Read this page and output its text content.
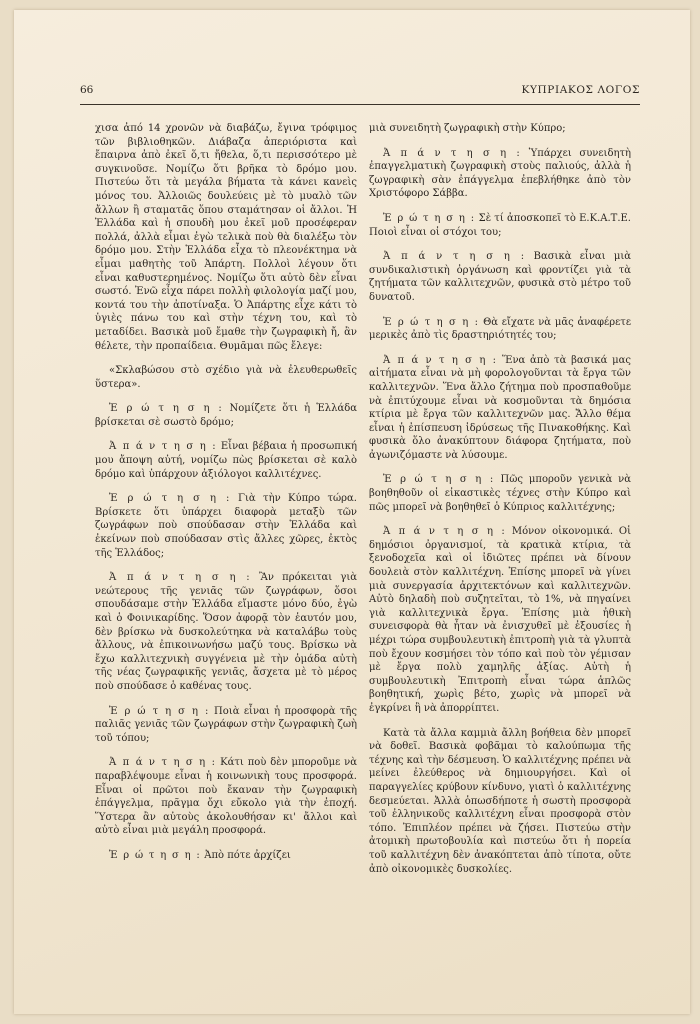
66	ΚΥΠΡΙΑΚΟΣ ΛΟΓΟΣ

χισα ἀπό 14 χρονῶν νὰ διαβάζω, ἔγινα τρόφιμος τῶν βιβλιοθηκῶν. Διάβαζα ἀπεριόριστα καὶ ἔπαιρνα ἀπὸ ἐκεῖ ὅ,τι ἤθελα, ὅ,τι περισσότερο μὲ συγκινοῦσε. Νομίζω ὅτι βρῆκα τὸ δρόμο μου. Πιστεύω ὅτι τὰ μεγάλα βήματα τὰ κάνει κανεὶς μόνος του. Ἀλλοιῶς δουλεύεις μὲ τὸ μυαλὸ τῶν ἄλλων ἢ σταματᾶς ὅπου σταμάτησαν οἱ ἄλλοι. Ἡ Ἑλλάδα καὶ ἡ σπουδὴ μου ἐκεῖ μοῦ προσέφεραν πολλά, ἀλλὰ εἶμαι ἐγὼ τελικὰ ποὺ θὰ διαλέξω τὸν δρόμο μου. Στὴν Ἑλλάδα εἶχα τὸ πλεονέκτημα νὰ εἶμαι μαθητὴς τοῦ Ἀπάρτη. Πολλοὶ λέγουν ὅτι εἶναι καθυστερημένος. Νομίζω ὅτι αὐτὸ δὲν εἶναι σωστό. Ἐνῶ εἶχα πάρει πολλὴ φιλολογία μαζί μου, κοντά του τὴν ἀποτίναξα. Ὁ Ἀπάρτης εἶχε κάτι τὸ ὑγιὲς πάνω του καὶ στὴν τέχνη του, καὶ τὸ μεταδίδει. Βασικὰ μοῦ ἔμαθε τὴν ζωγραφικὴ ἤ, ἂν θέλετε, τὴν προπαίδεια. Θυμᾶμαι πῶς ἔλεγε:

«Σκλαβώσου στὸ σχέδιο γιὰ νὰ ἐλευθερωθεῖς ὕστερα».

Ἐ ρ ώ τ η σ η : Νομίζετε ὅτι ἡ Ἑλλάδα βρίσκεται σὲ σωστὸ δρόμο;

Ἀ π ά ν τ η σ η : Εἶναι βέβαια ἡ προσωπική μου ἄποψη αὐτή, νομίζω πὼς βρίσκεται σὲ καλὸ δρόμο καὶ ὑπάρχουν ἀξιόλογοι καλλιτέχνες.

Ἐ ρ ώ τ η σ η : Γιὰ τὴν Κύπρο τώρα. Βρίσκετε ὅτι ὑπάρχει διαφορὰ μεταξὺ τῶν ζωγράφων ποὺ σπούδασαν στὴν Ἑλλάδα καὶ ἐκείνων ποὺ σπούδασαν στὶς ἄλλες χῶρες, ἐκτὸς τῆς Ἑλλάδος;

Ἀ π ά ν τ η σ η : Ἂν πρόκειται γιὰ νεώτερους τῆς γενιᾶς τῶν ζωγράφων, ὅσοι σπουδάσαμε στὴν Ἑλλάδα εἴμαστε μόνο δύο, ἐγὼ καὶ ὁ Φοινικαρίδης. Ὅσον ἀφορᾷ τὸν ἑαυτόν μου, δὲν βρίσκω νὰ δυσκολεύτηκα νὰ καταλάβω τοὺς ἄλλους, νὰ ἐπικοινωνήσω μαζύ τους. Βρίσκω νὰ ἔχω καλλιτεχνικὴ συγγένεια μὲ τὴν ὁμάδα αὐτὴ τῆς νέας ζωγραφικῆς γενιᾶς, ἄσχετα μὲ τὸ μέρος ποὺ σπούδασε ὁ καθένας τους.

Ἐ ρ ώ τ η σ η : Ποιὰ εἶναι ἡ προσφορὰ τῆς παλιᾶς γενιᾶς τῶν ζωγράφων στὴν ζωγραφικὴ ζωὴ τοῦ τόπου;

Ἀ π ά ν τ η σ η : Κάτι ποὺ δὲν μποροῦμε νὰ παραβλέψουμε εἶναι ἡ κοινωνικὴ τους προσφορά. Εἶναι οἱ πρῶτοι ποὺ ἔκαναν τὴν ζωγραφικὴ ἐπάγγελμα, πρᾶγμα ὄχι εὔκολο γιὰ τὴν ἐποχή. Ὕστερα ἂν αὐτοὺς ἀκολουθήσαν κι' ἄλλοι καὶ αὐτὸ εἶναι μιὰ μεγάλη προσφορά.

Ἐ ρ ώ τ η σ η : Ἀπὸ πότε ἀρχίζει

μιὰ συνειδητὴ ζωγραφικὴ στὴν Κύπρο;

Ἀ π ά ν τ η σ η : Ὑπάρχει συνειδητὴ ἐπαγγελματικὴ ζωγραφικὴ στοὺς παλιούς, ἀλλὰ ἡ ζωγραφικὴ σὰν ἐπάγγελμα ἐπεβλήθηκε ἀπὸ τὸν Χριστόφορο Σάββα.

Ἐ ρ ώ τ η σ η : Σὲ τί ἀποσκοπεῖ τὸ Ε.Κ.Α.Τ.Ε. Ποιοὶ εἶναι οἱ στόχοι του;

Ἀ π ά ν τ η σ η : Βασικὰ εἶναι μιὰ συνδικαλιστικὴ ὀργάνωση καὶ φροντίζει γιὰ τὰ ζητήματα τῶν καλλιτεχνῶν, φυσικὰ στὸ μέτρο τοῦ δυνατοῦ.

Ἐ ρ ώ τ η σ η : Θὰ εἴχατε νὰ μᾶς ἀναφέρετε μερικὲς ἀπὸ τὶς δραστηριότητές του;

Ἀ π ά ν τ η σ η : Ἕνα ἀπὸ τὰ βασικά μας αἰτήματα εἶναι νὰ μὴ φορολογοῦνται τὰ ἔργα τῶν καλλιτεχνῶν. Ἕνα ἄλλο ζήτημα ποὺ προσπαθοῦμε νὰ ἐπιτύχουμε εἶναι νὰ κοσμοῦνται τὰ δημόσια κτίρια μὲ ἔργα τῶν καλλιτεχνῶν μας. Ἄλλο θέμα εἶναι ἡ ἐπίσπευση ἱδρύσεως τῆς Πινακοθήκης. Καὶ φυσικὰ ὅλο ἀνακύπτουν διάφορα ζητήματα, ποὺ ἀγωνιζόμαστε νὰ λύσουμε.

Ἐ ρ ώ τ η σ η : Πῶς μποροῦν γενικὰ νὰ βοηθηθοῦν οἱ εἰκαστικὲς τέχνες στὴν Κύπρο καὶ πῶς μπορεῖ νὰ βοηθηθεῖ ὁ Κύπριος καλλιτέχνης;

Ἀ π ά ν τ η σ η : Μόνον οἰκονομικά. Οἱ δημόσιοι ὀργανισμοί, τὰ κρατικὰ κτίρια, τὰ ξενοδοχεῖα καὶ οἱ ἰδιῶτες πρέπει νὰ δίνουν δουλειὰ στὸν καλλιτέχνη. Ἐπίσης μπορεῖ νὰ γίνει μιὰ συνεργασία ἀρχιτεκτόνων καὶ καλλιτεχνῶν. Αὐτὸ δηλαδὴ ποὺ συζητεῖται, τὸ 1%, νὰ πηγαίνει γιὰ καλλιτεχνικὰ ἔργα. Ἐπίσης μιὰ ἠθικὴ συνεισφορὰ θὰ ἦταν νὰ ἐνισχυθεῖ μὲ ἐξουσίες ἡ μέχρι τώρα συμβουλευτικὴ ἐπιτροπὴ γιὰ τὰ γλυπτὰ ποὺ ἔχουν κοσμήσει τὸν τόπο καὶ ποὺ τὸν γέμισαν μὲ ἔργα πολὺ χαμηλῆς ἀξίας. Αὐτὴ ἡ συμβουλευτικὴ Ἐπιτροπὴ εἶναι τώρα ἁπλῶς βοηθητική, χωρὶς βέτο, χωρὶς νὰ μπορεῖ νὰ ἐγκρίνει ἢ νὰ ἀπορρίπτει.

Κατὰ τὰ ἄλλα καμμιὰ ἄλλη βοήθεια δὲν μπορεῖ νὰ δοθεῖ. Βασικὰ φοβᾶμαι τὸ καλούπωμα τῆς τέχνης καὶ τὴν δέσμευση. Ὁ καλλιτέχνης πρέπει νὰ μείνει ἐλεύθερος νὰ δημιουργήσει. Καὶ οἱ παραγγελίες κρύβουν κίνδυνο, γιατὶ ὁ καλλιτέχνης δεσμεύεται. Ἀλλὰ ὁπωσδήποτε ἡ σωστὴ προσφορὰ τοῦ ἐλληνικοῦς καλλιτέχνη εἶναι προσφορὰ στὸν τόπο. Ἐπιπλέον πρέπει νὰ ζήσει. Πιστεύω στὴν ἀτομικὴ πρωτοβουλία καὶ πιστεύω ὅτι ἡ πορεία τοῦ καλλιτέχνη δὲν ἀνακόπτεται ἀπὸ τίποτα, οὔτε ἀπὸ οἰκονομικὲς δυσκολίες.
